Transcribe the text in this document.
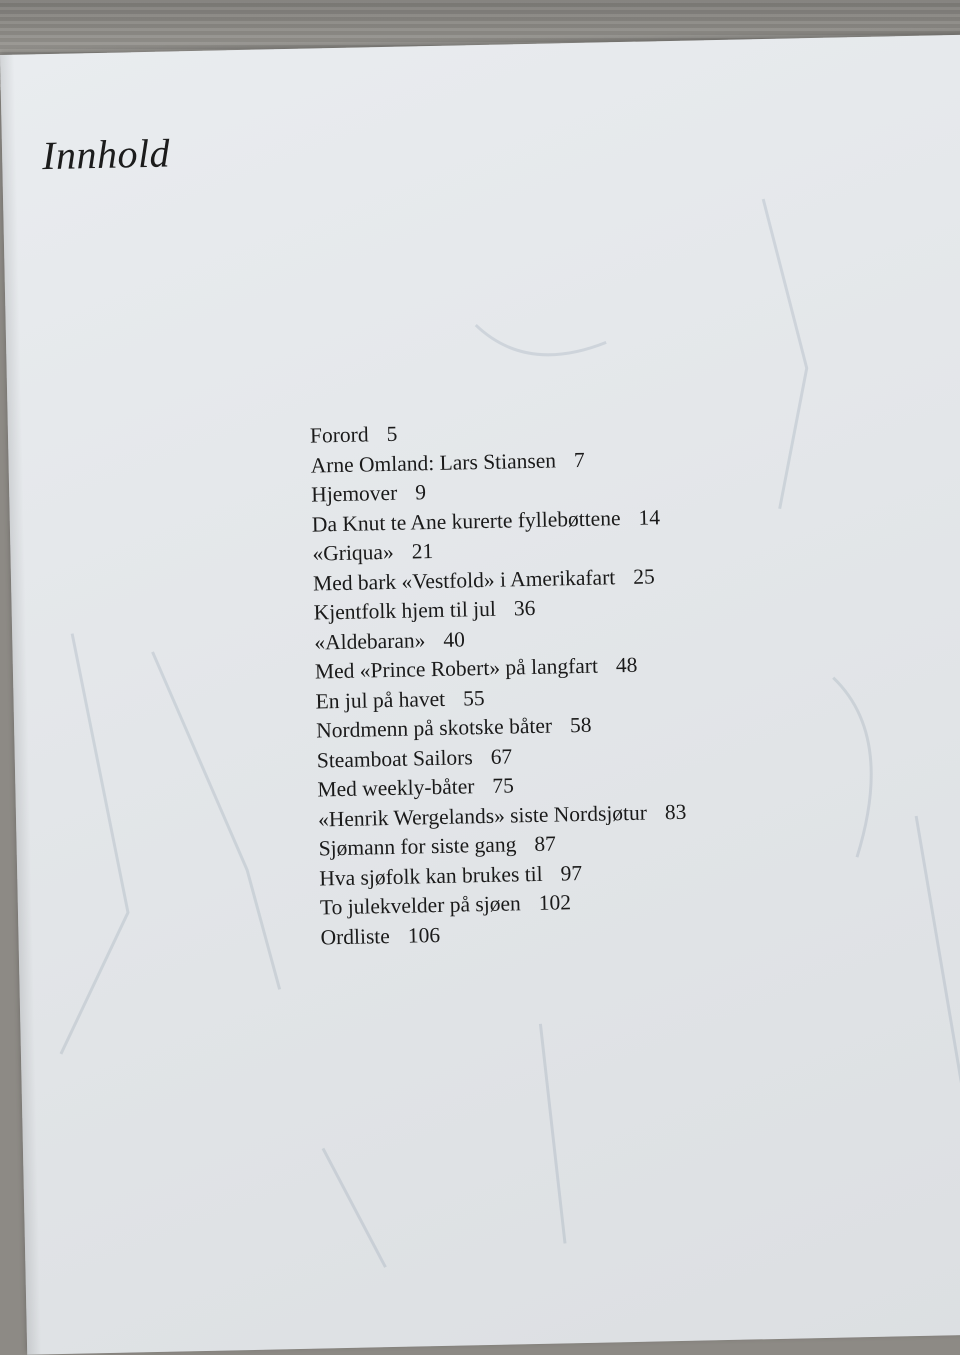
Innhold
Forord 5
Arne Omland: Lars Stiansen 7
Hjemover 9
Da Knut te Ane kurerte fyllebøttene 14
«Griqua» 21
Med bark «Vestfold» i Amerikafart 25
Kjentfolk hjem til jul 36
«Aldebaran» 40
Med «Prince Robert» på langfart 48
En jul på havet 55
Nordmenn på skotske båter 58
Steamboat Sailors 67
Med weekly-båter 75
«Henrik Wergelands» siste Nordsjøtur 83
Sjømann for siste gang 87
Hva sjøfolk kan brukes til 97
To julekvelder på sjøen 102
Ordliste 106
